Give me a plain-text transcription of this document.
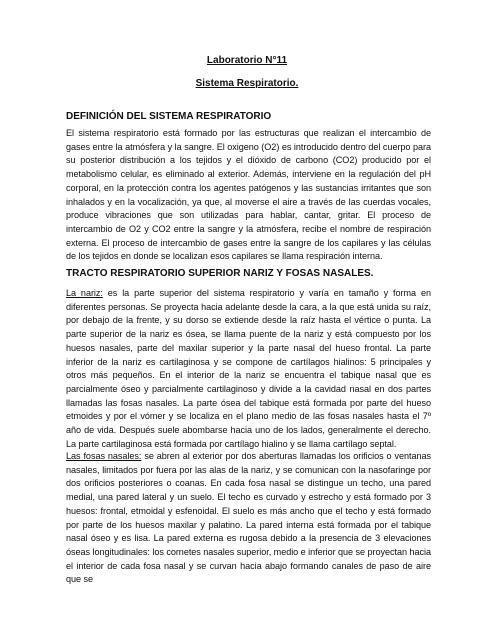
Laboratorio N°11

Sistema Respiratorio.

DEFINICIÓN DEL SISTEMA RESPIRATORIO

El sistema respiratorio está formado por las estructuras que realizan el intercambio de gases entre la atmósfera y la sangre. El oxigeno (O2) es introducido dentro del cuerpo para su posterior distribución a los tejidos y el dióxido de carbono (CO2) producido por el metabolismo celular, es eliminado al exterior. Además, interviene en la regulación del pH corporal, en la protección contra los agentes patógenos y las sustancias irritantes que son inhalados y en la vocalización, ya que, al moverse el aire a través de las cuerdas vocales, produce vibraciones que son utilizadas para hablar, cantar, gritar. El proceso de intercambio de O2 y CO2 entre la sangre y la atmósfera, recibe el nombre de respiración externa. El proceso de intercambio de gases entre la sangre de los capilares y las células de los tejidos en donde se localizan esos capilares se llama respiración interna.

TRACTO RESPIRATORIO SUPERIOR NARIZ Y FOSAS NASALES.

La nariz: es la parte superior del sistema respiratorio y varía en tamaño y forma en diferentes personas. Se proyecta hacia adelante desde la cara, a la que está unida su raíz, por debajo de la frente, y su dorso se extiende desde la raíz hasta el vértice o punta. La parte superior de la nariz es ósea, se llama puente de la nariz y está compuesto por los huesos nasales, parte del maxilar superior y la parte nasal del hueso frontal. La parte inferior de la nariz es cartilaginosa y se compone de cartílagos hialinos: 5 principales y otros más pequeños. En el interior de la nariz se encuentra el tabique nasal que es parcialmente óseo y parcialmente cartilaginoso y divide a la cavidad nasal en dos partes llamadas las fosas nasales. La parte ósea del tabique está formada por parte del hueso etmoides y por el vómer y se localiza en el plano medio de las fosas nasales hasta el 7º año de vida. Después suele abombarse hacia uno de los lados, generalmente el derecho. La parte cartilaginosa está formada por cartílago hialino y se llama cartílago septal.

Las fosas nasales: se abren al exterior por dos aberturas llamadas los orificios o ventanas nasales, limitados por fuera por las alas de la nariz, y se comunican con la nasofaringe por dos orificios posteriores o coanas. En cada fosa nasal se distingue un techo, una pared medial, una pared lateral y un suelo. El techo es curvado y estrecho y está formado por 3 huesos: frontal, etmoidal y esfenoidal. El suelo es más ancho que el techo y está formado por parte de los huesos maxilar y palatino. La pared interna está formada por el tabique nasal óseo y es lisa. La pared externa es rugosa debido a la presencia de 3 elevaciones óseas longitudinales: los cornetes nasales superior, medio e inferior que se proyectan hacia el interior de cada fosa nasal y se curvan hacia abajo formando canales de paso de aire que se
